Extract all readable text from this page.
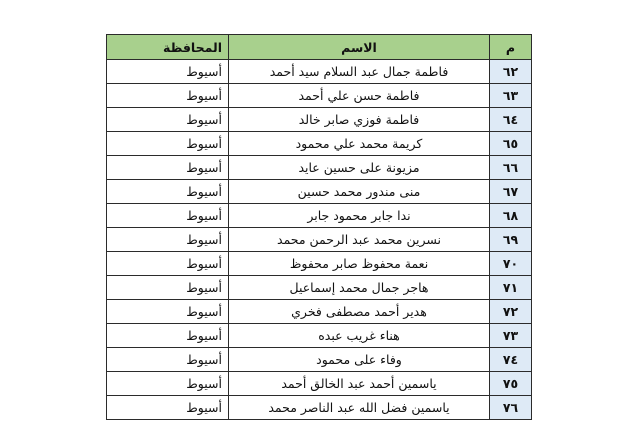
م	الاسم	المحافظة
٦٢	فاطمة جمال عبد السلام سيد أحمد	أسيوط
٦٣	فاطمة حسن علي أحمد	أسيوط
٦٤	فاطمة فوزي صابر خالد	أسيوط
٦٥	كريمة محمد علي محمود	أسيوط
٦٦	مزيونة على حسين عايد	أسيوط
٦٧	منى مندور محمد حسين	أسيوط
٦٨	ندا جابر محمود جابر	أسيوط
٦٩	نسرين محمد عبد الرحمن محمد	أسيوط
٧٠	نعمة محفوظ صابر محفوظ	أسيوط
٧١	هاجر جمال محمد إسماعيل	أسيوط
٧٢	هدير أحمد مصطفى فخري	أسيوط
٧٣	هناء غريب عبده	أسيوط
٧٤	وفاء على محمود	أسيوط
٧٥	ياسمين أحمد عبد الخالق أحمد	أسيوط
٧٦	ياسمين فضل الله عبد الناصر محمد	أسيوط
